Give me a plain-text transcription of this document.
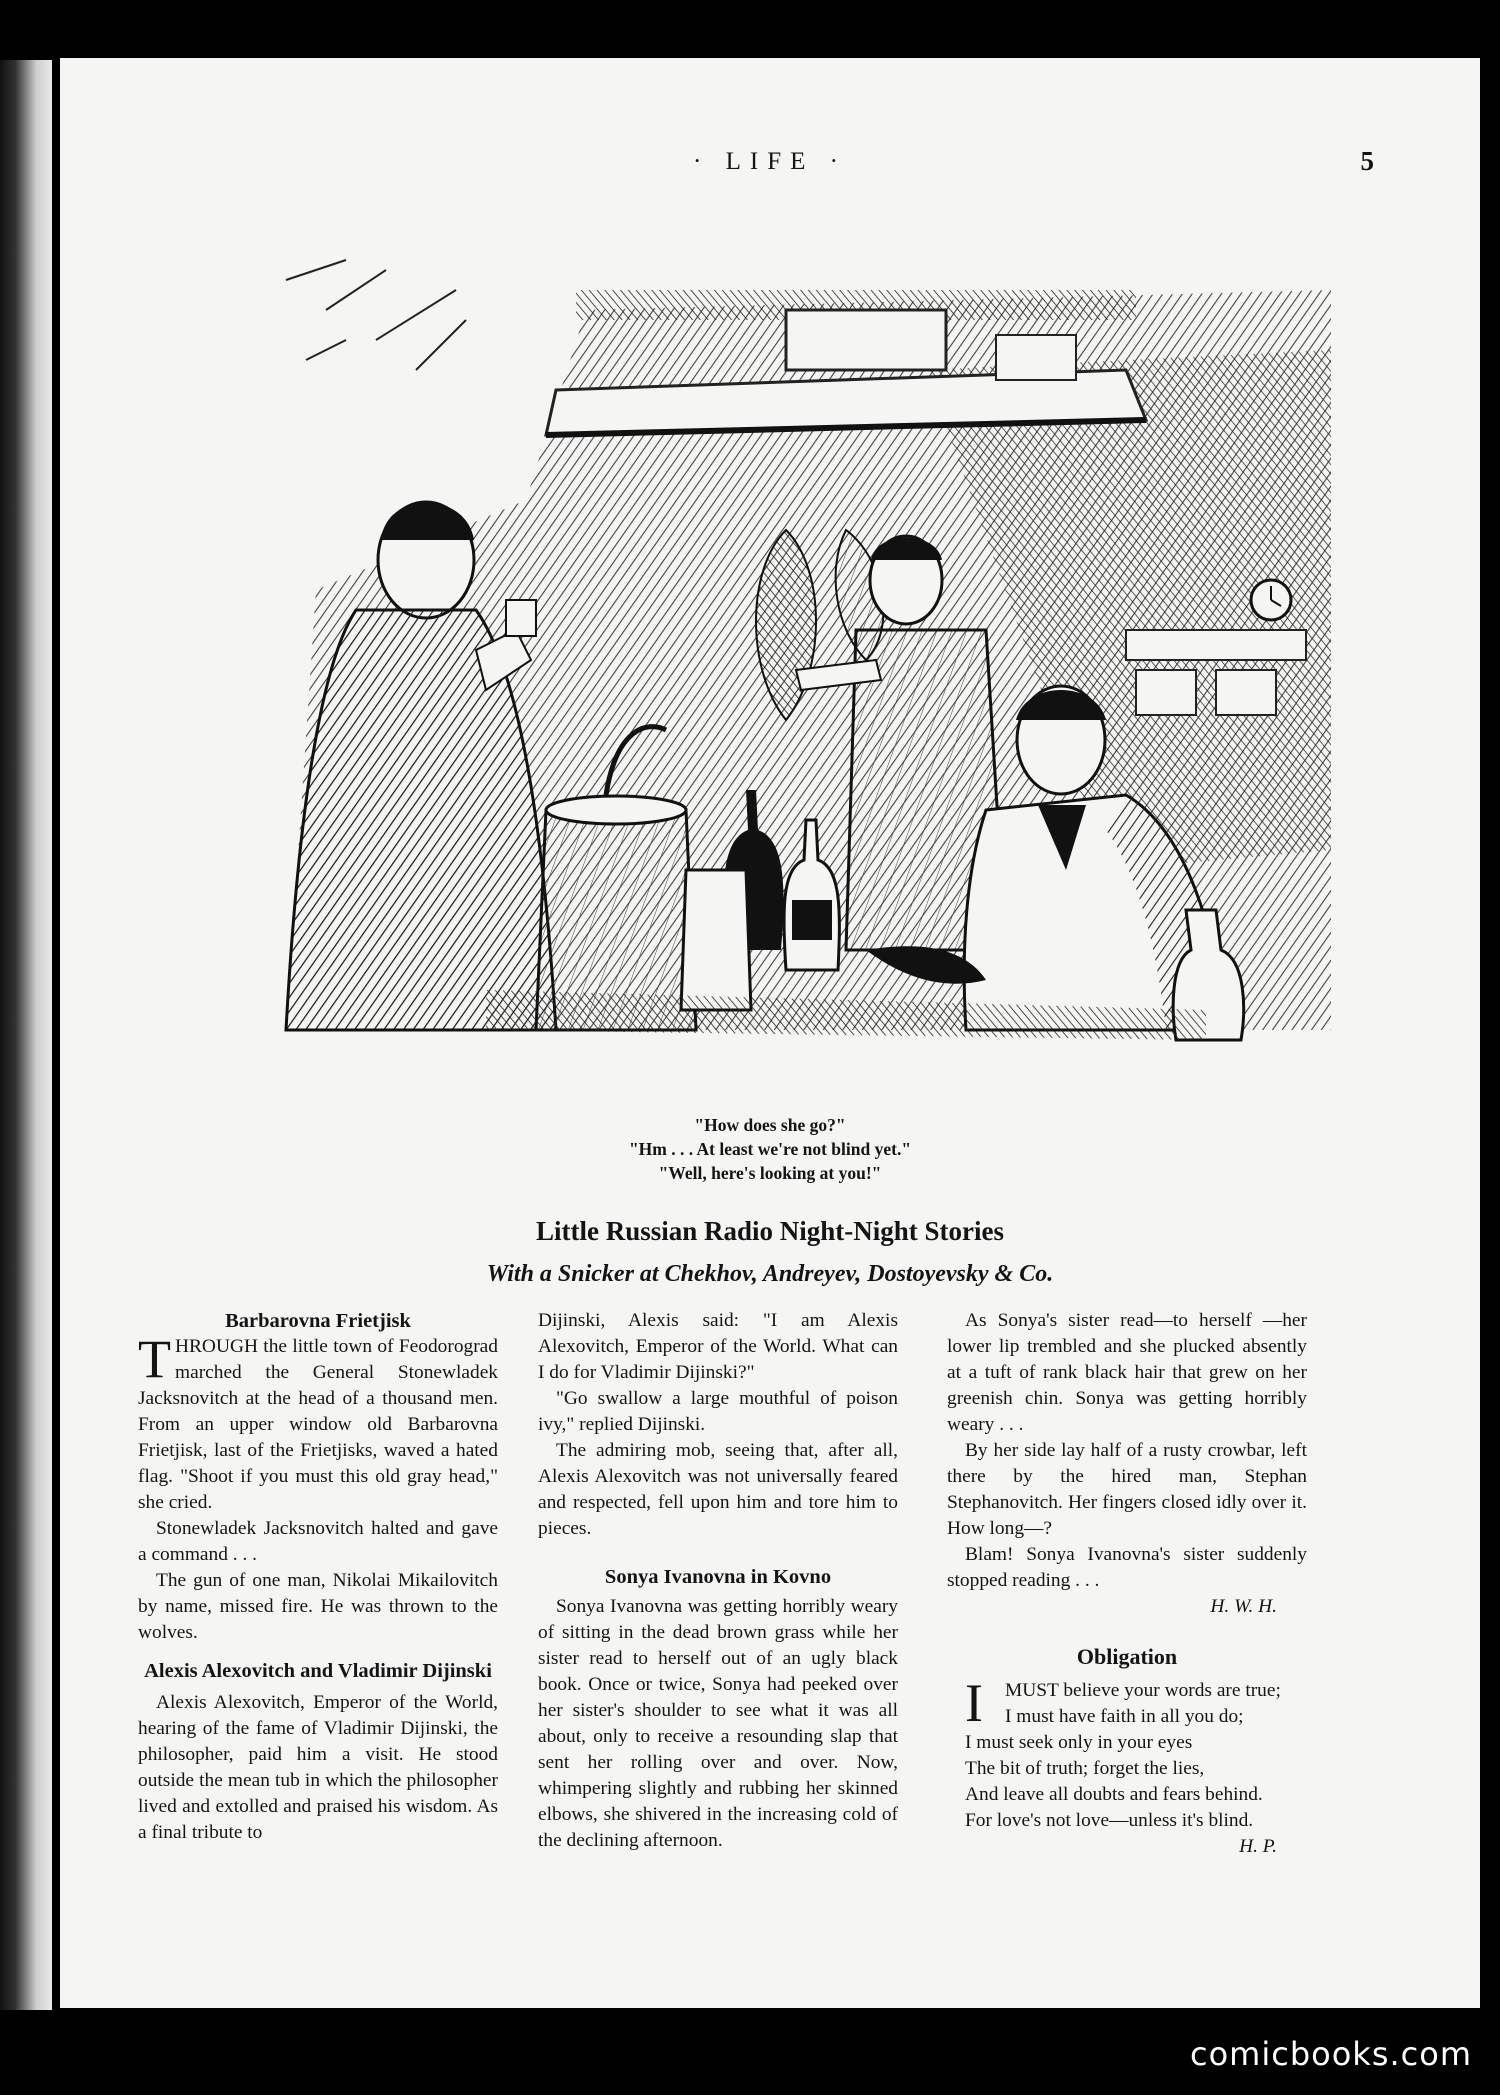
· LIFE ·	5
"How does she go?"
"Hm . . . At least we're not blind yet."
"Well, here's looking at you!"
Little Russian Radio Night-Night Stories
With a Snicker at Chekhov, Andreyev, Dostoyevsky & Co.
Barbarovna Frietjisk

THROUGH the little town of Feodorograd marched the General Stonewladek Jacksnovitch at the head of a thousand men. From an upper window old Barbarovna Frietjisk, last of the Frietjisks, waved a hated flag. "Shoot if you must this old gray head," she cried.

Stonewladek Jacksnovitch halted and gave a command . . .

The gun of one man, Nikolai Mikailovitch by name, missed fire. He was thrown to the wolves.

Alexis Alexovitch and Vladimir Dijinski

Alexis Alexovitch, Emperor of the World, hearing of the fame of Vladimir Dijinski, the philosopher, paid him a visit. He stood outside the mean tub in which the philosopher lived and extolled and praised his wisdom. As a final tribute to

Dijinski, Alexis said: "I am Alexis Alexovitch, Emperor of the World. What can I do for Vladimir Dijinski?"

"Go swallow a large mouthful of poison ivy," replied Dijinski.

The admiring mob, seeing that, after all, Alexis Alexovitch was not universally feared and respected, fell upon him and tore him to pieces.

Sonya Ivanovna in Kovno

Sonya Ivanovna was getting horribly weary of sitting in the dead brown grass while her sister read to herself out of an ugly black book. Once or twice, Sonya had peeked over her sister's shoulder to see what it was all about, only to receive a resounding slap that sent her rolling over and over. Now, whimpering slightly and rubbing her skinned elbows, she shivered in the increasing cold of the declining afternoon.

As Sonya's sister read—to herself —her lower lip trembled and she plucked absently at a tuft of rank black hair that grew on her greenish chin. Sonya was getting horribly weary . . .

By her side lay half of a rusty crowbar, left there by the hired man, Stephan Stephanovitch. Her fingers closed idly over it. How long—?

Blam! Sonya Ivanovna's sister suddenly stopped reading . . .

H. W. H.

Obligation

I MUST believe your words are true;

I must have faith in all you do;

I must seek only in your eyes

The bit of truth; forget the lies,

And leave all doubts and fears behind.

For love's not love—unless it's blind.

H. P.

comicbooks.com
